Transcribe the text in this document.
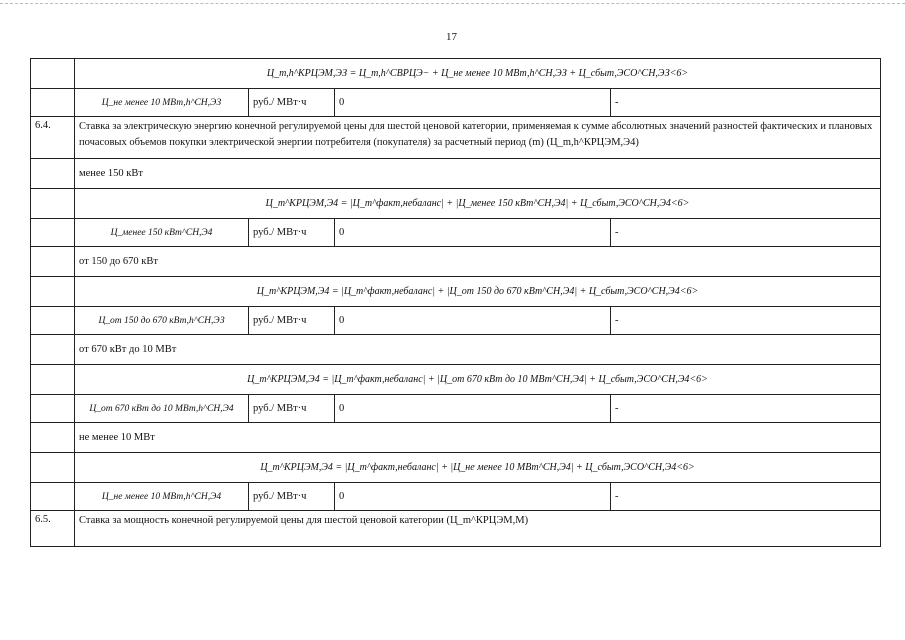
17
	Ц_m,h^КРЦЭМ,ЭЗ = Ц_m,h^СВРЦЭ− + Ц_не менее 10 МВт,h^СН,ЭЗ + Ц_сбыт,ЭСО^СН,ЭЗ<6>			
	Ц_не менее 10 МВт,h^СН,ЭЗ	руб./ МВт·ч	0	-
6.4.	Ставка за электрическую энергию конечной регулируемой цены для шестой ценовой категории, применяемая к сумме абсолютных значений разностей фактических и плановых почасовых объемов покупки электрической энергии потребителя (покупателя) за расчетный период (m) (Ц_m,h^КРЦЭМ,Э4)			
	менее 150 кВт			
	Ц_m^КРЦЭМ,Э4 = |Ц_m^факт,небаланс| + |Ц_менее 150 кВт^СН,Э4| + Ц_сбыт,ЭСО^СН,Э4<6>			
	Ц_менее 150 кВт^СН,Э4	руб./ МВт·ч	0	-
	от 150 до 670 кВт			
	Ц_m^КРЦЭМ,Э4 = |Ц_m^факт,небаланс| + |Ц_от 150 до 670 кВт^СН,Э4| + Ц_сбыт,ЭСО^СН,Э4<6>			
	Ц_от 150 до 670 кВт,h^СН,ЭЗ	руб./ МВт·ч	0	-
	от 670 кВт до 10 МВт			
	Ц_m^КРЦЭМ,Э4 = |Ц_m^факт,небаланс| + |Ц_от 670 кВт до 10 МВт^СН,Э4| + Ц_сбыт,ЭСО^СН,Э4<6>			
	Ц_от 670 кВт до 10 МВт,h^СН,Э4	руб./ МВт·ч	0	-
	не менее 10 МВт			
	Ц_m^КРЦЭМ,Э4 = |Ц_m^факт,небаланс| + |Ц_не менее 10 МВт^СН,Э4| + Ц_сбыт,ЭСО^СН,Э4<6>			
	Ц_не менее 10 МВт,h^СН,Э4	руб./ МВт·ч	0	-
6.5.	Ставка за мощность конечной регулируемой цены для шестой ценовой категории (Ц_m^КРЦЭМ,М)			
